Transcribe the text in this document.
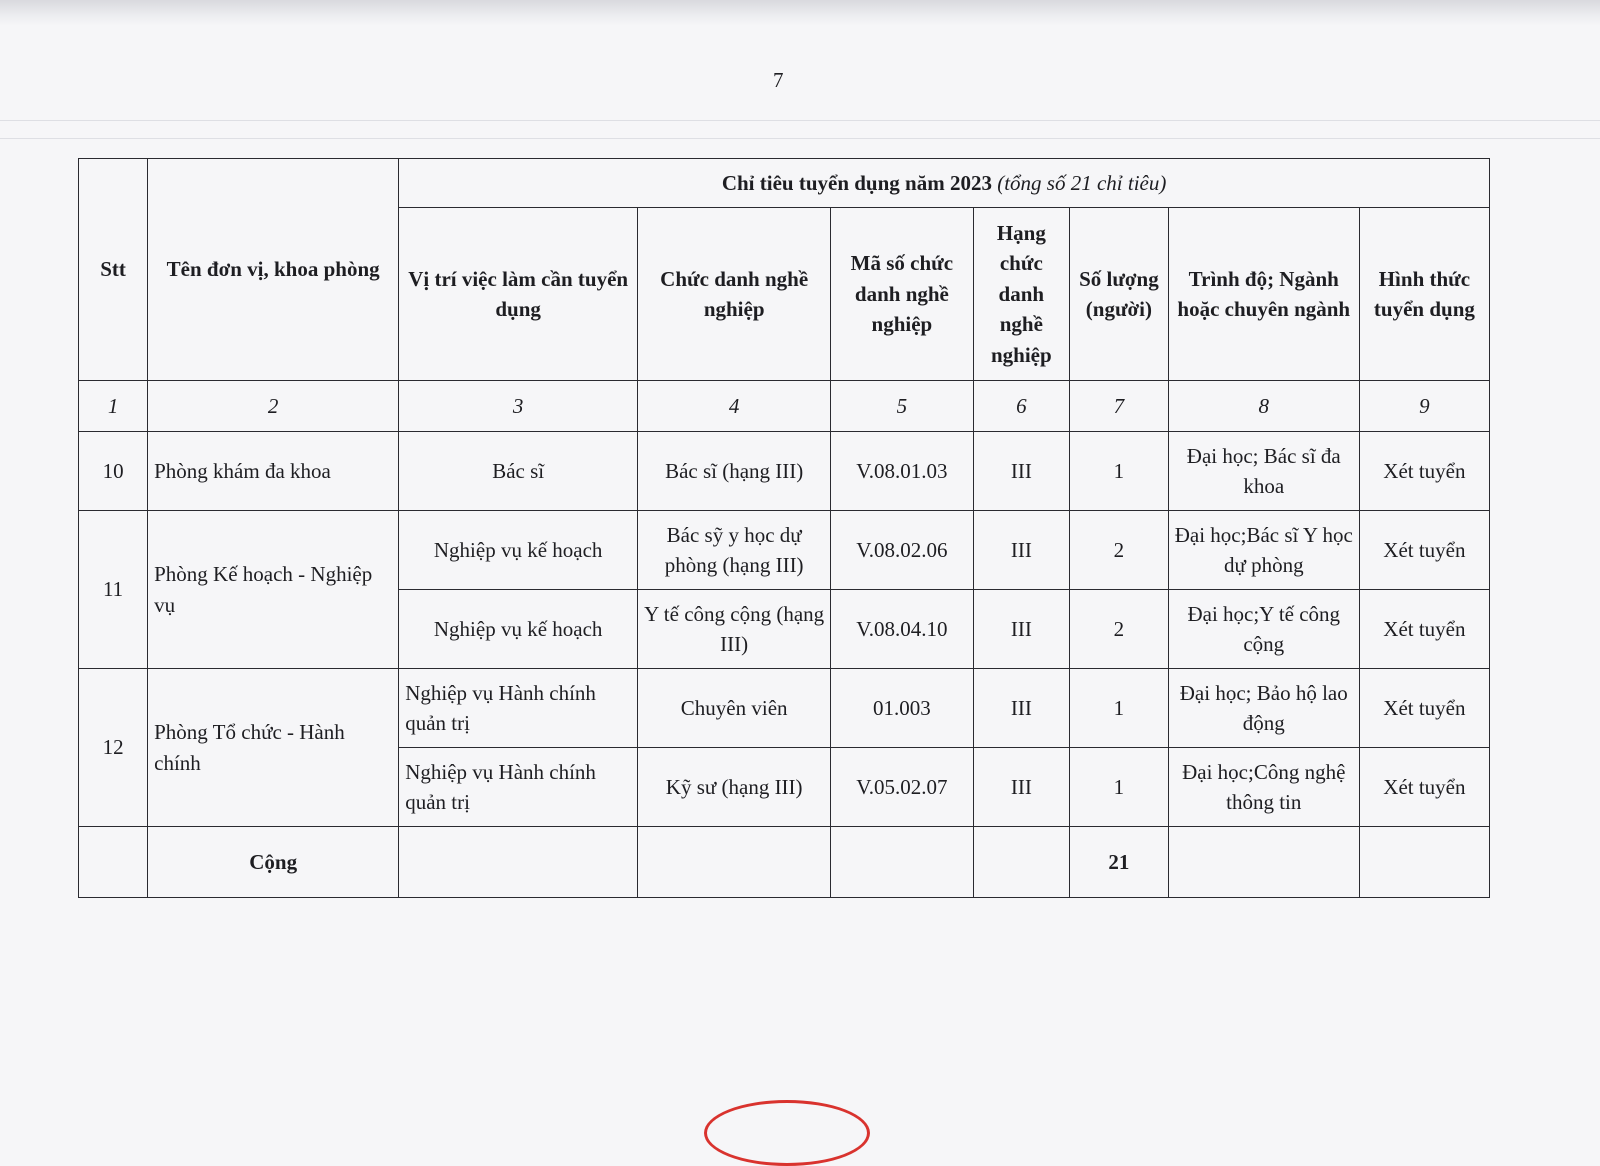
7
Stt	Tên đơn vị, khoa phòng	Chỉ tiêu tuyển dụng năm 2023 (tổng số 21 chỉ tiêu)						
		Vị trí việc làm cần tuyển dụng	Chức danh nghề nghiệp	Mã số chức danh nghề nghiệp	Hạng chức danh nghề nghiệp	Số lượng (người)	Trình độ; Ngành hoặc chuyên ngành	Hình thức tuyển dụng
1	2	3	4	5	6	7	8	9
10	Phòng khám đa khoa	Bác sĩ	Bác sĩ (hạng III)	V.08.01.03	III	1	Đại học; Bác sĩ đa khoa	Xét tuyển
11	Phòng Kế hoạch - Nghiệp vụ	Nghiệp vụ kế hoạch	Bác sỹ y học dự phòng (hạng III)	V.08.02.06	III	2	Đại học;Bác sĩ Y học dự phòng	Xét tuyển
		Nghiệp vụ kế hoạch	Y tế công cộng (hạng III)	V.08.04.10	III	2	Đại học;Y tế công cộng	Xét tuyển
12	Phòng Tổ chức - Hành chính	Nghiệp vụ Hành chính quản trị	Chuyên viên	01.003	III	1	Đại học; Bảo hộ lao động	Xét tuyển
		Nghiệp vụ Hành chính quản trị	Kỹ sư (hạng III)	V.05.02.07	III	1	Đại học;Công nghệ thông tin	Xét tuyển
	Cộng					21		
